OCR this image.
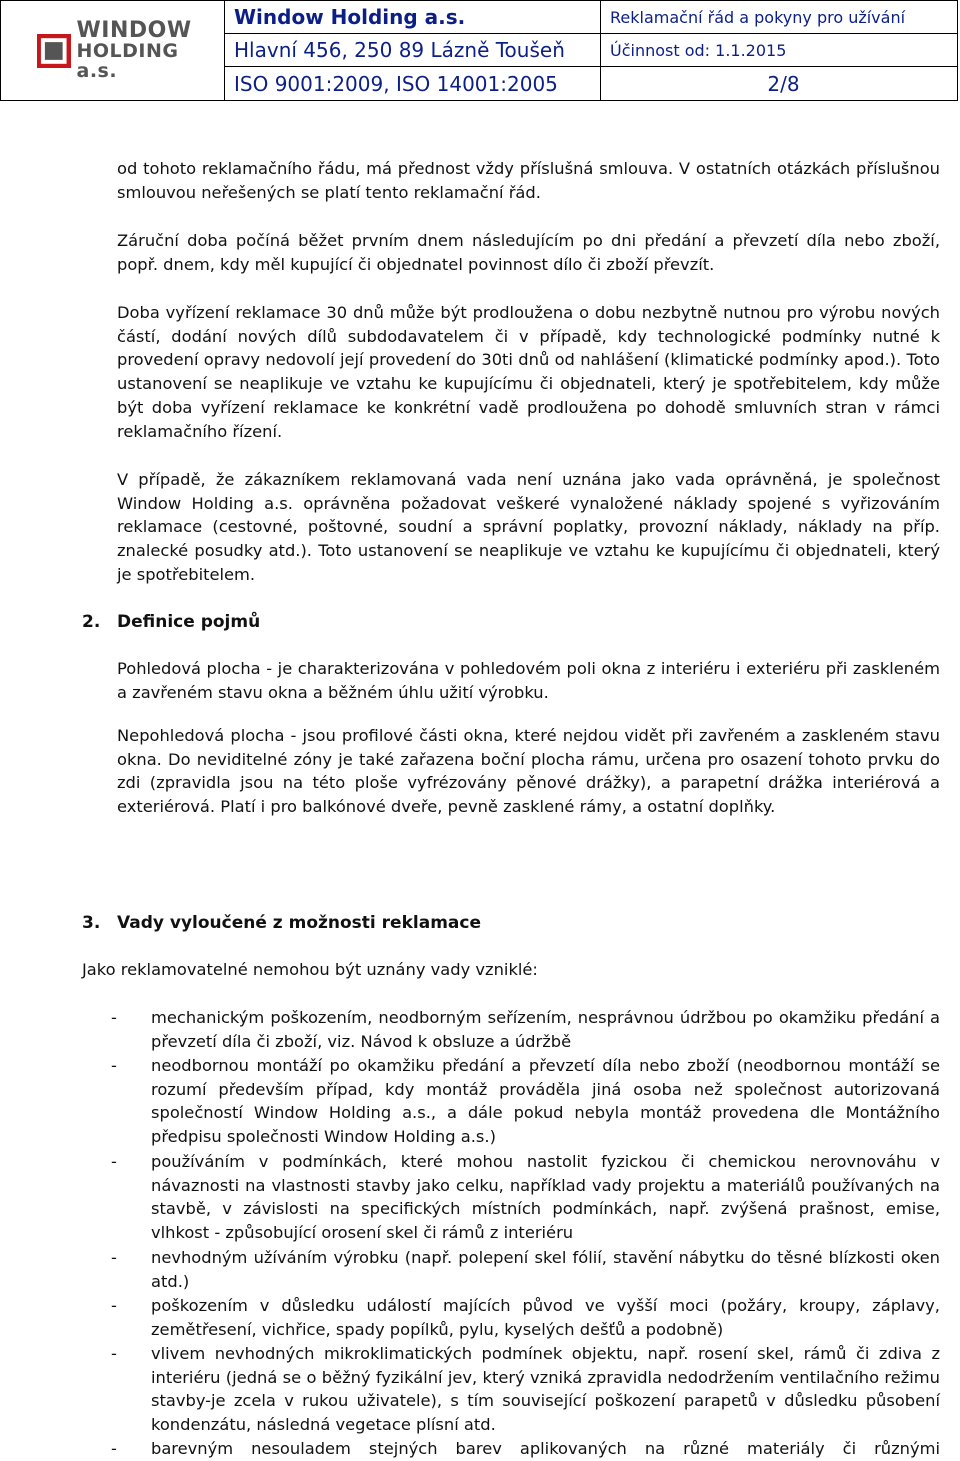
WINDOW
HOLDING a.s.
Window Holding a.s.
Hlavní 456, 250 89 Lázně Toušeň
ISO 9001:2009, ISO 14001:2005
Reklamační řád a pokyny pro užívání
Účinnost od: 1.1.2015
2/8

od tohoto reklamačního řádu, má přednost vždy příslušná smlouva. V ostatních otázkách příslušnou smlouvou neřešených se platí tento reklamační řád.

Záruční doba počíná běžet prvním dnem následujícím po dni předání a převzetí díla nebo zboží, popř. dnem, kdy měl kupující či objednatel povinnost dílo či zboží převzít.

Doba vyřízení reklamace 30 dnů může být prodloužena o dobu nezbytně nutnou pro výrobu nových částí, dodání nových dílů subdodavatelem či v případě, kdy technologické podmínky nutné k provedení opravy nedovolí její provedení do 30ti dnů od nahlášení (klimatické podmínky apod.). Toto ustanovení se neaplikuje ve vztahu ke kupujícímu či objednateli, který je spotřebitelem, kdy může být doba vyřízení reklamace ke konkrétní vadě prodloužena po dohodě smluvních stran v rámci reklamačního řízení.

V případě, že zákazníkem reklamovaná vada není uznána jako vada oprávněná, je společnost Window Holding a.s. oprávněna požadovat veškeré vynaložené náklady spojené s vyřizováním reklamace (cestovné, poštovné, soudní a správní poplatky, provozní náklady, náklady na příp. znalecké posudky atd.). Toto ustanovení se neaplikuje ve vztahu ke kupujícímu či objednateli, který je spotřebitelem.

2. Definice pojmů

Pohledová plocha - je charakterizována v pohledovém poli okna z interiéru i exteriéru při zaskleném a zavřeném stavu okna a běžném úhlu užití výrobku.

Nepohledová plocha - jsou profilové části okna, které nejdou vidět při zavřeném a zaskleném stavu okna. Do neviditelné zóny je také zařazena boční plocha rámu, určena pro osazení tohoto prvku do zdi (zpravidla jsou na této ploše vyfrézovány pěnové drážky), a parapetní drážka interiérová a exteriérová. Platí i pro balkónové dveře, pevně zasklené rámy, a ostatní doplňky.

3. Vady vyloučené z možnosti reklamace

Jako reklamovatelné nemohou být uznány vady vzniklé:

- mechanickým poškozením, neodborným seřízením, nesprávnou údržbou po okamžiku předání a převzetí díla či zboží, viz. Návod k obsluze a údržbě

- neodbornou montáží po okamžiku předání a převzetí díla nebo zboží (neodbornou montáží se rozumí především případ, kdy montáž prováděla jiná osoba než společnost autorizovaná společností Window Holding a.s., a dále pokud nebyla montáž provedena dle Montážního předpisu společnosti Window Holding a.s.)

- používáním v podmínkách, které mohou nastolit fyzickou či chemickou nerovnováhu v návaznosti na vlastnosti stavby jako celku, například vady projektu a materiálů používaných na stavbě, v závislosti na specifických místních podmínkách, např. zvýšená prašnost, emise, vlhkost - způsobující orosení skel či rámů z interiéru

- nevhodným užíváním výrobku (např. polepení skel fólií, stavění nábytku do těsné blízkosti oken atd.)

- poškozením v důsledku událostí majících původ ve vyšší moci (požáry, kroupy, záplavy, zemětřesení, vichřice, spady popílků, pylu, kyselých dešťů a podobně)

- vlivem nevhodných mikroklimatických podmínek objektu, např. rosení skel, rámů či zdiva z interiéru (jedná se o běžný fyzikální jev, který vzniká zpravidla nedodržením ventilačního režimu stavby-je zcela v rukou uživatele), s tím související poškození parapetů v důsledku působení kondenzátu, následná vegetace plísní atd.

- barevným nesouladem stejných barev aplikovaných na různé materiály či různými
